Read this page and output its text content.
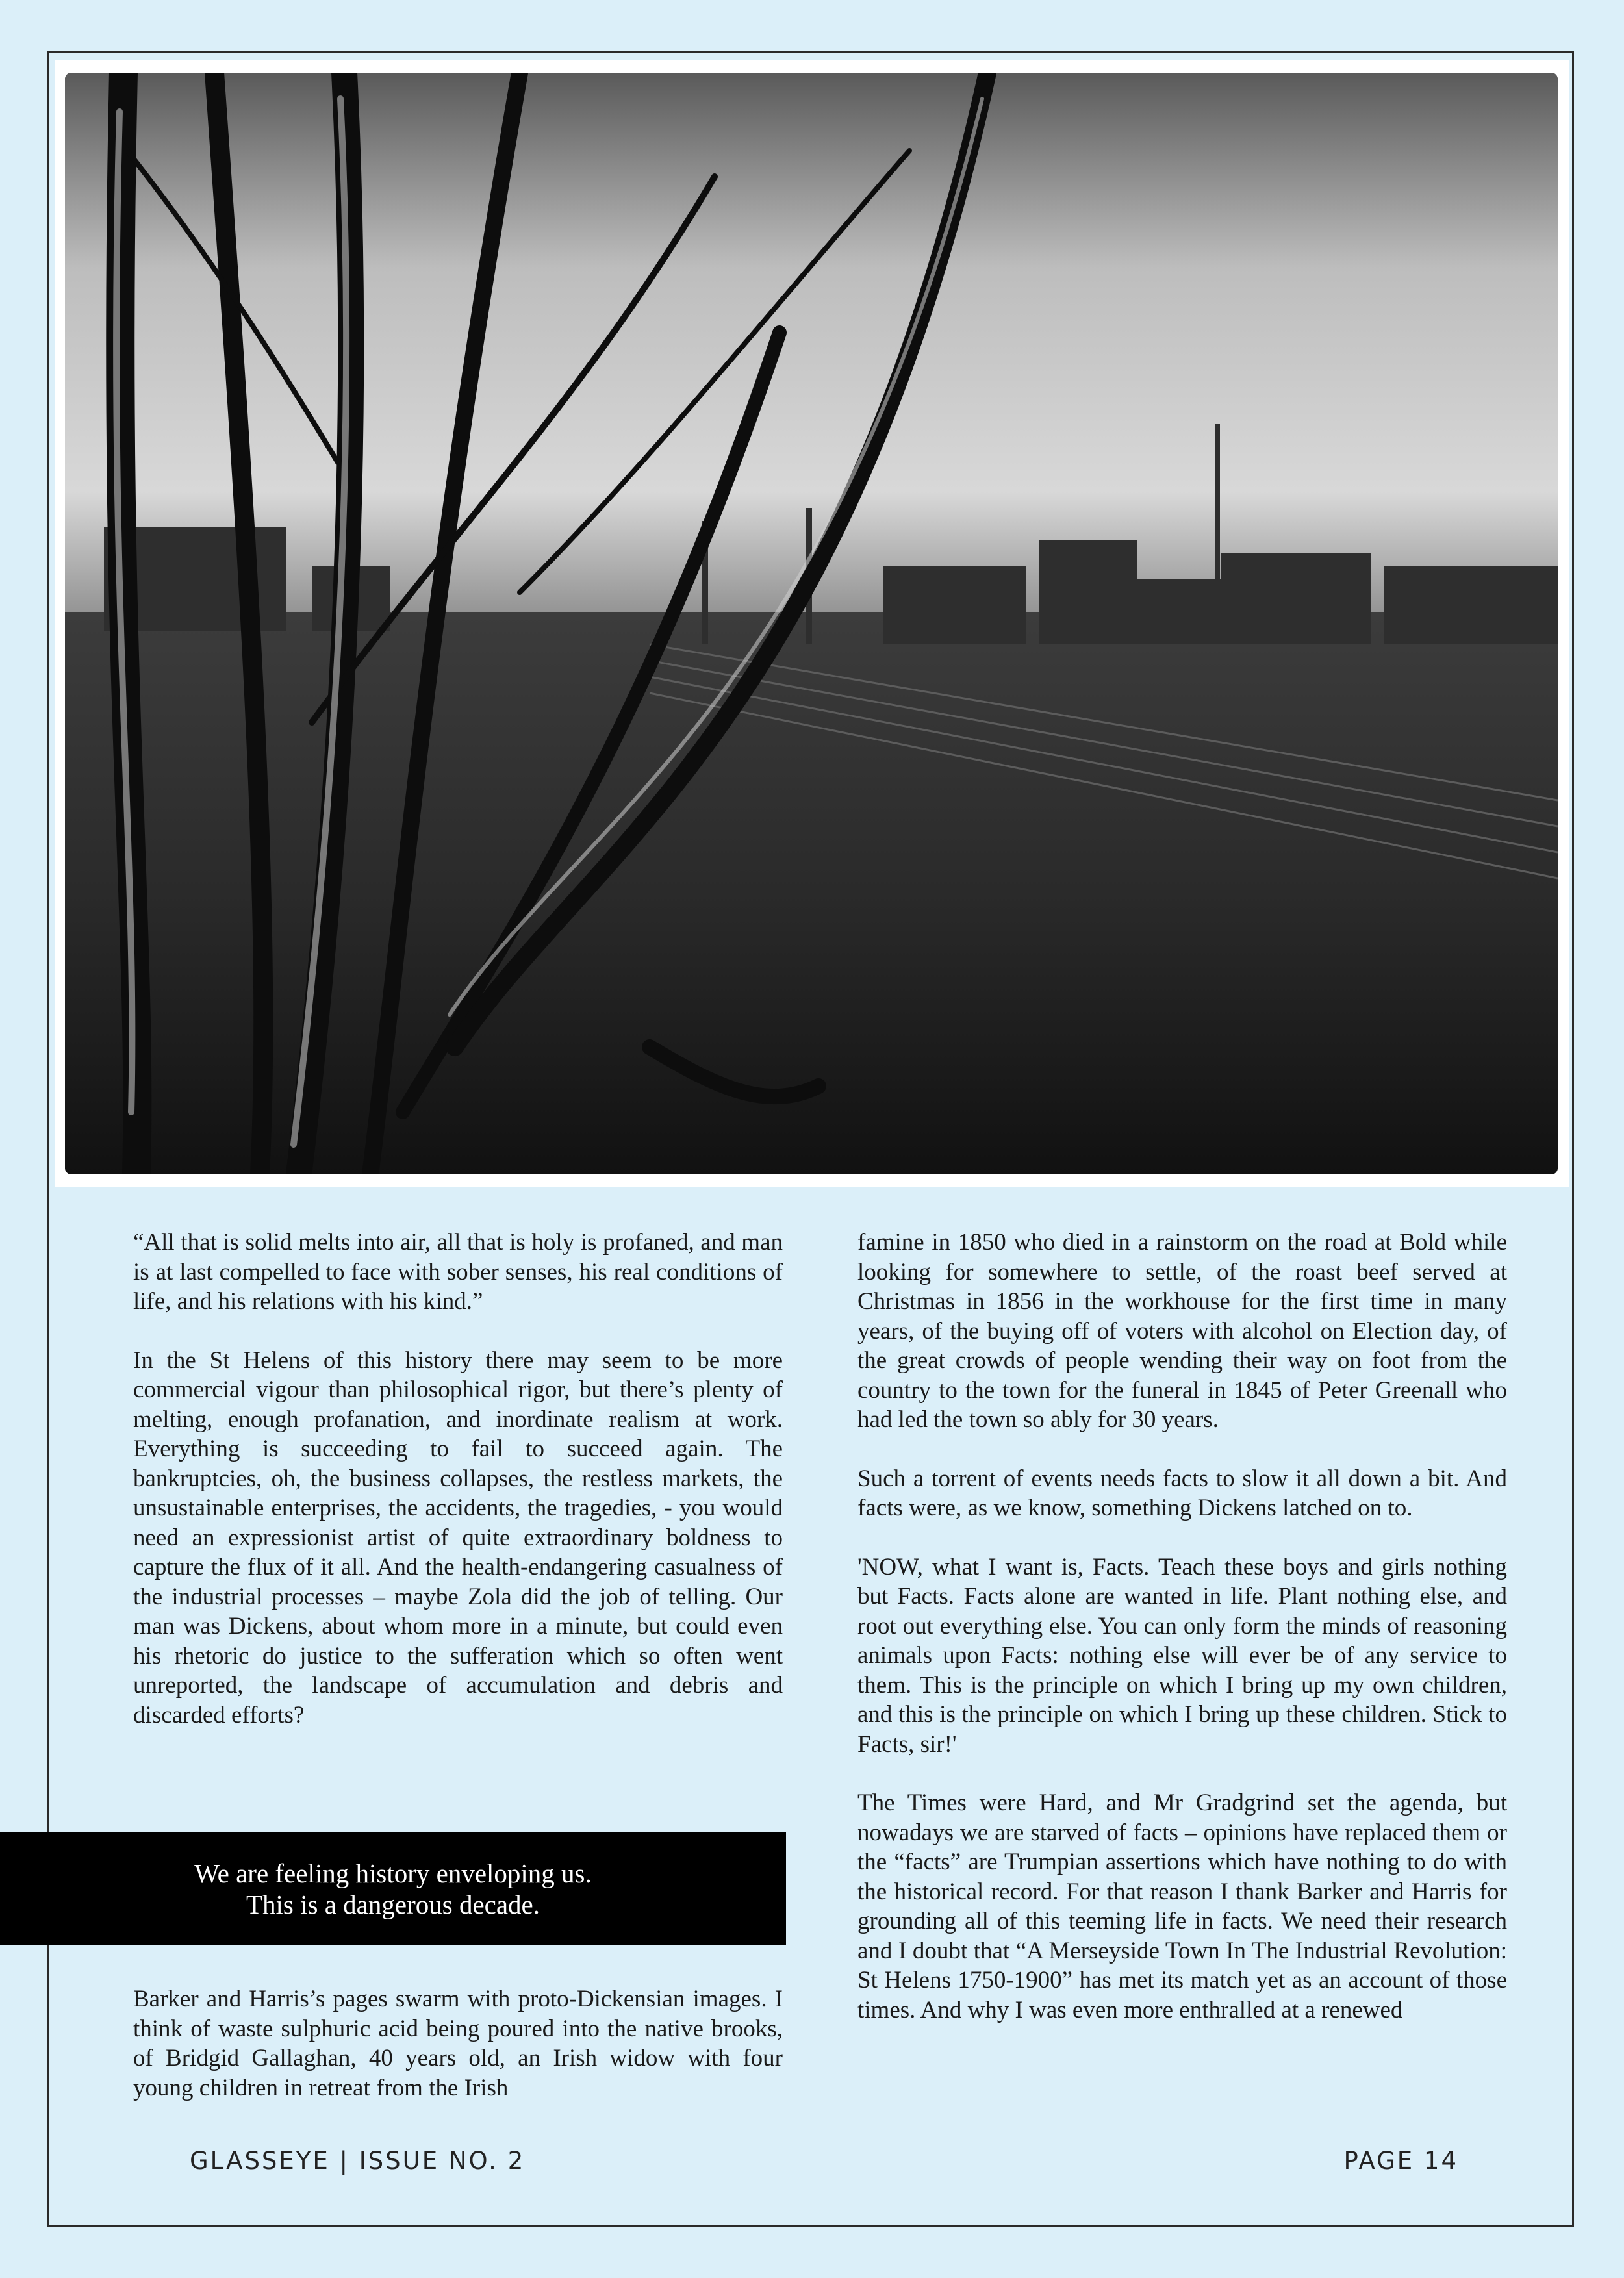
“All that is solid melts into air, all that is holy is profaned, and man is at last compelled to face with sober senses, his real conditions of life, and his relations with his kind.”

In the St Helens of this history there may seem to be more commercial vigour than philosophical rigor, but there’s plenty of melting, enough profanation, and inordinate realism at work. Everything is succeeding to fail to succeed again. The bankruptcies, oh, the business collapses, the restless markets, the unsustainable enterprises, the accidents, the tragedies, - you would need an expressionist artist of quite extraordinary boldness to capture the flux of it all. And the health-endangering casualness of the industrial processes – maybe Zola did the job of telling. Our man was Dickens, about whom more in a minute, but could even his rhetoric do justice to the sufferation which so often went unreported, the landscape of accumulation and debris and discarded efforts?

We are feeling history enveloping us.
This is a dangerous decade.

Barker and Harris’s pages swarm with proto-Dickensian images. I think of waste sulphuric acid being poured into the native brooks, of Bridgid Gallaghan, 40 years old, an Irish widow with four young children in retreat from the Irish

famine in 1850 who died in a rainstorm on the road at Bold while looking for somewhere to settle, of the roast beef served at Christmas in 1856 in the workhouse for the first time in many years, of the buying off of voters with alcohol on Election day, of the great crowds of people wending their way on foot from the country to the town for the funeral in 1845 of Peter Greenall who had led the town so ably for 30 years.

Such a torrent of events needs facts to slow it all down a bit. And facts were, as we know, something Dickens latched on to.

'NOW, what I want is, Facts. Teach these boys and girls nothing but Facts. Facts alone are wanted in life. Plant nothing else, and root out everything else. You can only form the minds of reasoning animals upon Facts: nothing else will ever be of any service to them. This is the principle on which I bring up my own children, and this is the principle on which I bring up these children. Stick to Facts, sir!'

The Times were Hard, and Mr Gradgrind set the agenda, but nowadays we are starved of facts – opinions have replaced them or the “facts” are Trumpian assertions which have nothing to do with the historical record. For that reason I thank Barker and Harris for grounding all of this teeming life in facts. We need their research and I doubt that “A Merseyside Town In The Industrial Revolution: St Helens 1750-1900” has met its match yet as an account of those times. And why I was even more enthralled at a renewed

GLASSEYE | ISSUE NO. 2	PAGE 14
